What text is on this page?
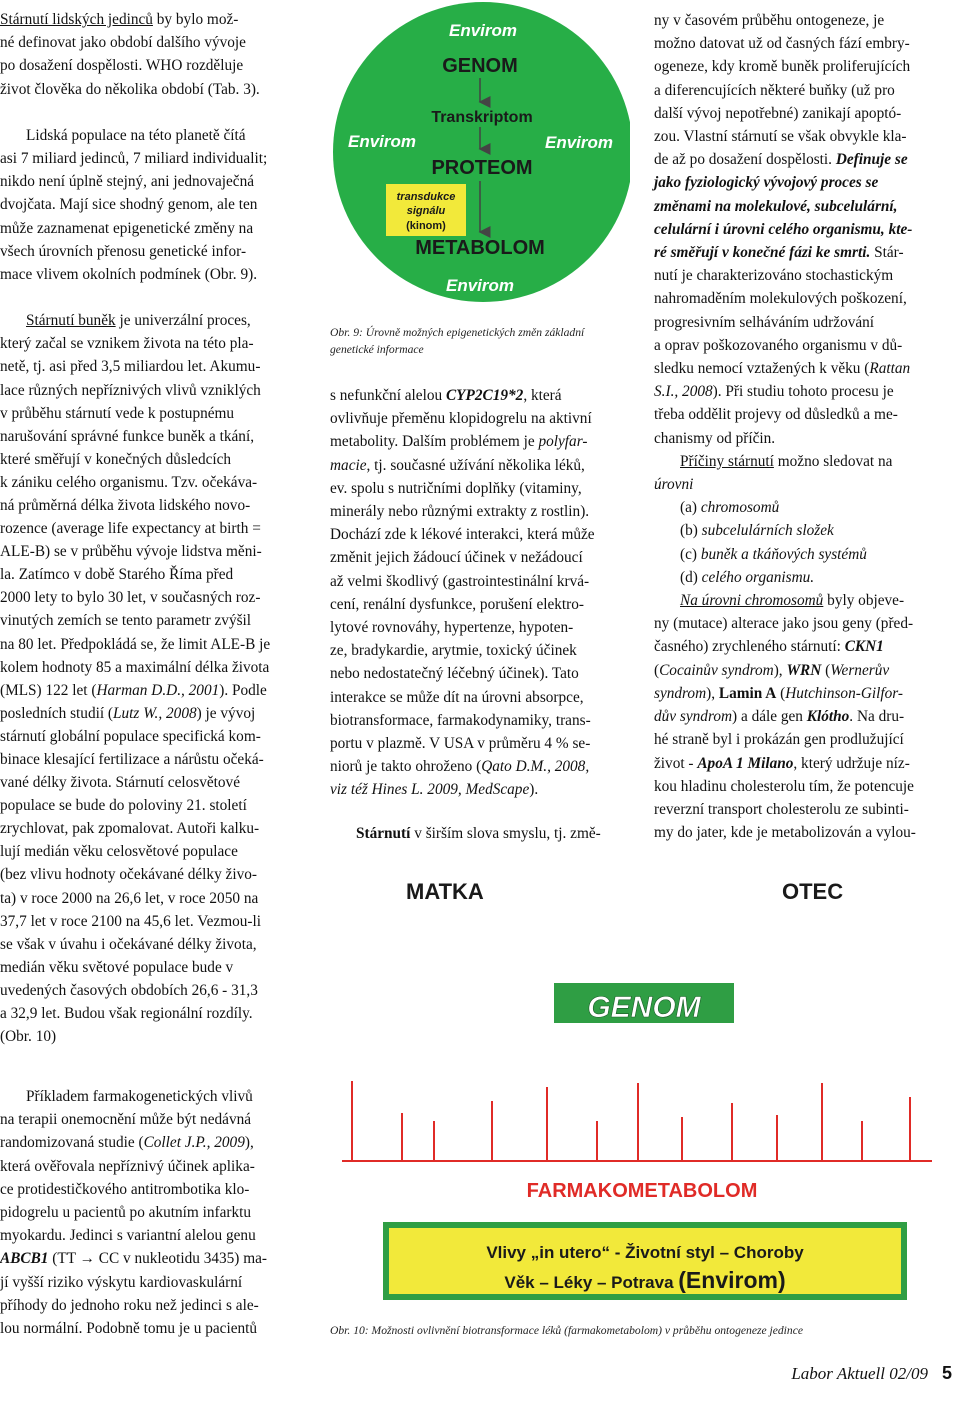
Stárnutí lidských jedinců by bylo mož-
né definovat jako období dalšího vývoje
po dosažení dospělosti. WHO rozděluje
život člověka do několika období (Tab. 3).

Lidská populace na této planetě čítá
asi 7 miliard jedinců, 7 miliard individualit;
nikdo není úplně stejný, ani jednovaječná
dvojčata. Mají sice shodný genom, ale ten
může zaznamenat epigenetické změny na
všech úrovních přenosu genetické infor-
mace vlivem okolních podmínek (Obr. 9).

Stárnutí buněk je univerzální proces,
který začal se vznikem života na této pla-
netě, tj. asi před 3,5 miliardou let. Akumu-
lace různých nepříznivých vlivů vzniklých
v průběhu stárnutí vede k postupnému
narušování správné funkce buněk a tkání,
které směřují v konečných důsledcích
k zániku celého organismu. Tzv. očekáva-
ná průměrná délka života lidského novo-
rozence (average life expectancy at birth =
ALE-B) se v průběhu vývoje lidstva měni-
la. Zatímco v době Starého Říma před
2000 lety to bylo 30 let, v současných roz-
vinutých zemích se tento parametr zvýšil
na 80 let. Předpokládá se, že limit ALE-B je
kolem hodnoty 85 a maximální délka života
(MLS) 122 let (Harman D.D., 2001). Podle
posledních studií (Lutz W., 2008) je vývoj
stárnutí globální populace specifická kom-
binace klesající fertilizace a nárůstu očeká-
vané délky života. Stárnutí celosvětové
populace se bude do poloviny 21. století
zrychlovat, pak zpomalovat. Autoři kalku-
lují medián věku celosvětové populace
(bez vlivu hodnoty očekávané délky živo-
ta) v roce 2000 na 26,6 let, v roce 2050 na
37,7 let v roce 2100 na 45,6 let. Vezmou-li
se však v úvahu i očekávané délky života,
medián věku světové populace bude v
uvedených časových obdobích 26,6 - 31,3
a 32,9 let. Budou však regionální rozdíly.
(Obr. 10)

Příkladem farmakogenetických vlivů
na terapii onemocnění může být nedávná
randomizovaná studie (Collet J.P., 2009),
která ověřovala nepříznivý účinek aplika-
ce protidestičkového antitrombotika klo-
pidogrelu u pacientů po akutním infarktu
myokardu. Jedinci s variantní alelou genu
ABCB1 (TT → CC v nukleotidu 3435) ma-
jí vyšší riziko výskytu kardiovaskulární
příhody do jednoho roku než jedinci s ale-
lou normální. Podobně tomu je u pacientů

Envirom
GENOM
Transkriptom
Envirom	Envirom
PROTEOM
transdukce
signálu
(kinom)
METABOLOM
Envirom
Obr. 9: Úrovně možných epigenetických změn základní
genetické informace

s nefunkční alelou CYP2C19*2, která
ovlivňuje přeměnu klopidogrelu na aktivní
metabolity. Dalším problémem je polyfar-
macie, tj. současné užívání několika léků,
ev. spolu s nutričními doplňky (vitaminy,
minerály nebo různými extrakty z rostlin).
Dochází zde k lékové interakci, která může
změnit jejich žádoucí účinek v nežádoucí
až velmi škodlivý (gastrointestinální krvá-
cení, renální dysfunkce, porušení elektro-
lytové rovnováhy, hypertenze, hypoten-
ze, bradykardie, arytmie, toxický účinek
nebo nedostatečný léčebný účinek). Tato
interakce se může dít na úrovni absorpce,
biotransformace, farmakodynamiky, trans-
portu v plazmě. V USA v průměru 4 % se-
niorů je takto ohroženo (Qato D.M., 2008,
viz též Hines L. 2009, MedScape).

Stárnutí v širším slova smyslu, tj. změ-

ny v časovém průběhu ontogeneze, je
možno datovat už od časných fází embry-
ogeneze, kdy kromě buněk proliferujících
a diferencujících některé buňky (už pro
další vývoj nepotřebné) zanikají apoptó-
zou. Vlastní stárnutí se však obvykle kla-
de až po dosažení dospělosti. Definuje se
jako fyziologický vývojový proces se
změnami na molekulové, subcelulární,
celulární i úrovni celého organismu, kte-
ré směřují v konečné fázi ke smrti. Stár-
nutí je charakterizováno stochastickým
nahromaděním molekulových poškození,
progresivním selháváním udržování
a oprav poškozovaného organismu v dů-
sledku nemocí vztažených k věku (Rattan
S.I., 2008). Při studiu tohoto procesu je
třeba oddělit projevy od důsledků a me-
chanismy od příčin.

Příčiny stárnutí možno sledovat na
úrovni

(a) chromosomů
(b) subcelulárních složek
(c) buněk a tkáňových systémů
(d) celého organismu.

Na úrovni chromosomů byly objeve-
ny (mutace) alterace jako jsou geny (před-
časného) zrychleného stárnutí: CKN1
(Cocainův syndrom), WRN (Wernerův
syndrom), Lamin A (Hutchinson-Gilfor-
dův syndrom) a dále gen Klótho. Na dru-
hé straně byl i prokázán gen prodlužující
život - ApoA 1 Milano, který udržuje níz-
kou hladinu cholesterolu tím, že potencuje
reverzní transport cholesterolu ze subinti-
my do jater, kde je metabolizován a vylou-

MATKA	OTEC
GENOM
FARMAKOMETABOLOM
Vlivy „in utero“ - Životní styl – Choroby
Věk – Léky – Potrava (Envirom)
Obr. 10: Možnosti ovlivnění biotransformace léků (farmakometabolom) v průběhu ontogeneze jedince
Labor Aktuell 02/09 5
